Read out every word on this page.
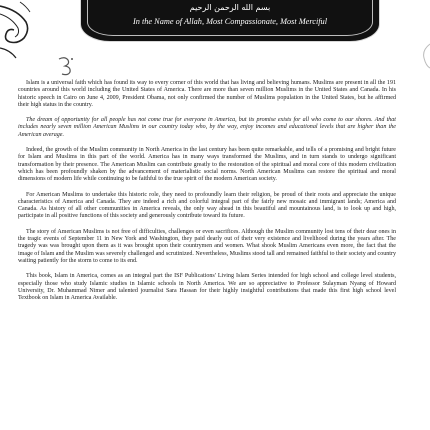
بسم الله الرحمن الرحيم
In the Name of Allah, Most Compassionate, Most Merciful

Islam is a universal faith which has found its way to every corner of this world that has living and believing humans. Muslims are present in all the 191 countries around this world including the United States of America. There are more than seven million Muslims in the United States and Canada. In his historic speech in Cairo on June 4, 2009, President Obama, not only confirmed the number of Muslims population in the United States, but he affirmed their high status in the country.

The dream of opportunity for all people has not come true for everyone in America, but its promise exists for all who come to our shores. And that includes nearly seven million American Muslims in our country today who, by the way, enjoy incomes and educational levels that are higher than the American average.

Indeed, the growth of the Muslim community in North America in the last century has been quite remarkable, and tells of a promising and bright future for Islam and Muslims in this part of the world. America has in many ways transformed the Muslims, and in turn stands to undergo significant transformation by their presence. The American Muslim can contribute greatly to the restoration of the spiritual and moral core of this modern civilization which has been profoundly shaken by the advancement of materialistic social norms. North American Muslims can restore the spiritual and moral dimensions of modern life while continuing to be faithful to the true spirit of the modern American society.

For American Muslims to undertake this historic role, they need to profoundly learn their religion, be proud of their roots and appreciate the unique characteristics of America and Canada. They are indeed a rich and colorful integral part of the fairly new mosaic and immigrant lands; America and Canada. As history of all other communities in America reveals, the only way ahead in this beautiful and mountainous land, is to look up and high, participate in all positive functions of this society and generously contribute toward its future.

The story of American Muslims is not free of difficulties, challenges or even sacrifices. Although the Muslim community lost tens of their dear ones in the tragic events of September 11 in New York and Washington, they paid dearly out of their very existence and livelihood during the years after. The tragedy was was brought upon them as it was brought upon their countrymen and women. What shook Muslim Americans even more, the fact that the image of Islam and the Muslim was severely challenged and scrutinized. Nevertheless, Muslims stood tall and remained faithful to their society and country waiting patiently for the storm to come to its end.

This book, Islam in America, comes as an integral part the ISF Publications' Living Islam Series intended for high school and college level students, especially those who study Islamic studies in Islamic schools in North America. We are so appreciative to Professor Sulayman Nyang of Howard University, Dr. Muhammad Nimer and talented journalist Sara Hassan for their highly insightful contributions that made this first high school level Textbook on Islam in America Available.
